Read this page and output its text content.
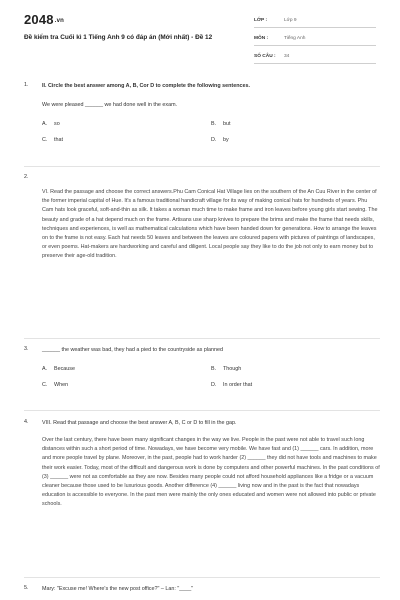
2048.vn
Đề kiểm tra Cuối kì 1 Tiếng Anh 9 có đáp án (Mới nhất) - Đề 12
LỚP :	Lớp 9
MÔN :	Tiếng Anh
SỐ CÂU :	34
1.	II. Circle the best answer among A, B, Cor D to complete the following sentences.
We were pleased ______ we had done well in the exam.
A.	so	B.	but
C.	that	D.	by
2.
VI. Read the passage and choose the correct answers.Phu Cam Conical Hat Village lies on the southern of the An Cuu River in the center of the former imperial capital of Hue. It's a famous traditional handicraft village for its way of making conical hats for hundreds of years. Phu Cam hats look graceful, soft-and-thin as silk. It takes a woman much time to make frame and iron leaves before young girls start sewing. The beauty and grade of a hat depend much on the frame. Artisans use sharp knives to prepare the brims and make the frame that needs skills, techniques and experiences, is well as mathematical calculations which have been handed down for generations. How to arrange the leaves on to the frame is not easy. Each hat needs 50 leaves and between the leaves are coloured papers with pictures of paintings of landscapes, or even poems. Hat-makers are hardworking and careful and diligent. Local people say they like to do the job not only to earn money but to preserve their age-old tradition.
3.	______ the weather was bad, they had a pied to the countryside as planned
A.	Because	B.	Though
C.	When	D.	In order that
4.	VIII. Read that passage and choose the best answer A, B, C or D to fill in the gap.
Over the last century, there have been many significant changes in the way we live. People in the past were not able to travel such long distances within such a short period of time. Nowadays, we have become very mobile. We have fast and (1) ______ cars. In addition, more and more people travel by plane. Moreover, in the past, people had to work harder (2) ______ they did not have tools and machines to make their work easier. Today, most of the difficult and dangerous work is done by computers and other powerful machines. In the past conditions of (3) ______ were not as comfortable as they are now. Besides many people could not afford household appliances like a fridge or a vacuum cleaner because those used to be luxurious goods. Another difference (4) ______ living now and in the past is the fact that nowadays education is accessible to everyone. In the past men were mainly the only ones educated and women were not allowed into public or private schools.
5.	Mary: "Excuse me! Where's the new post office?" – Lan: "____"
